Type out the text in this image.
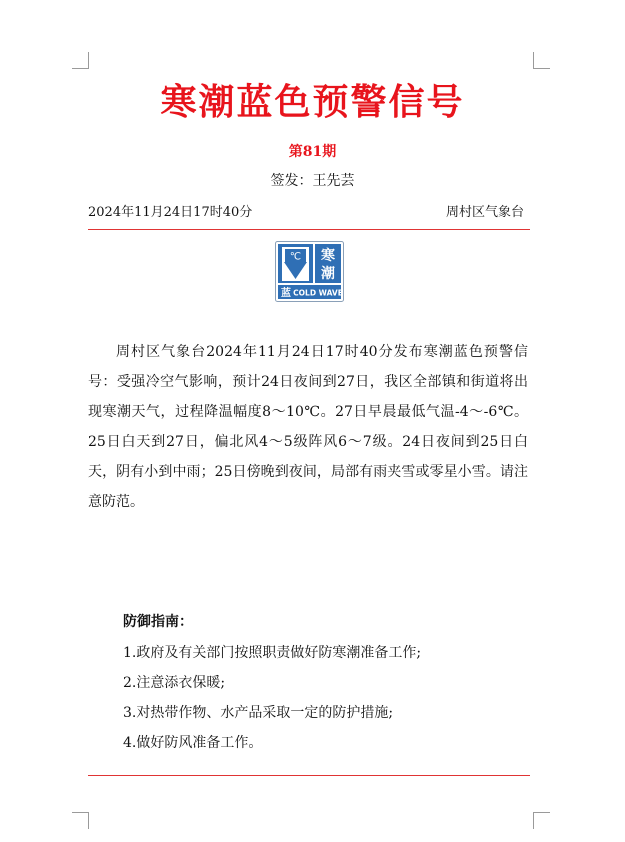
寒潮蓝色预警信号
第81期
签发：王先芸
2024年11月24日17时40分	周村区气象台
℃ 寒
潮
蓝 COLD WAVE

周村区气象台2024年11月24日17时40分发布寒潮蓝色预警信号：受强冷空气影响，预计24日夜间到27日，我区全部镇和街道将出现寒潮天气，过程降温幅度8～10℃。27日早晨最低气温-4～-6℃。25日白天到27日，偏北风4～5级阵风6～7级。24日夜间到25日白天，阴有小到中雨；25日傍晚到夜间，局部有雨夹雪或零星小雪。请注意防范。

防御指南：
1.政府及有关部门按照职责做好防寒潮准备工作;
2.注意添衣保暖;
3.对热带作物、水产品采取一定的防护措施;
4.做好防风准备工作。
